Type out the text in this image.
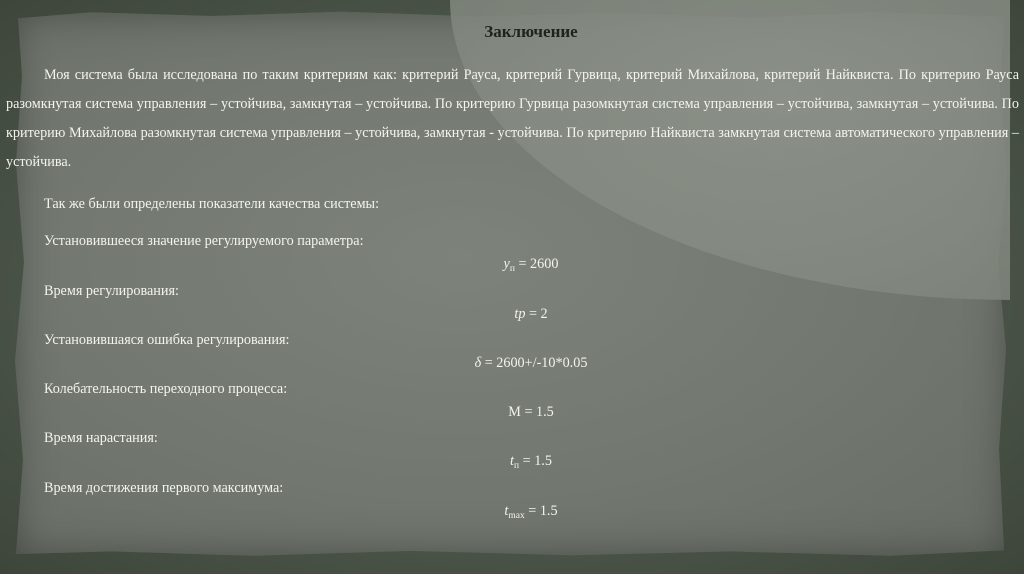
Заключение
Моя система была исследована по таким критериям как: критерий Рауса, критерий Гурвица, критерий Михайлова, критерий Найквиста. По критерию Рауса разомкнутая система управления – устойчива, замкнутая – устойчива. По критерию Гурвица разомкнутая система управления – устойчива, замкнутая – устойчива. По критерию Михайлова разомкнутая система управления – устойчива, замкнутая - устойчива. По критерию Найквиста замкнутая система автоматического управления – устойчива.
Так же были определены показатели качества системы:
Установившееся значение регулируемого параметра:
$y_п = 2600$
Время регулирования:
tp = 2
Установившаяся ошибка регулирования:
δ = 2600+/-10*0.05
Колебательность переходного процесса:
M = 1.5
Время нарастания:
$t_п = 1.5$
Время достижения первого максимума:
$t_{max} = 1.5$
